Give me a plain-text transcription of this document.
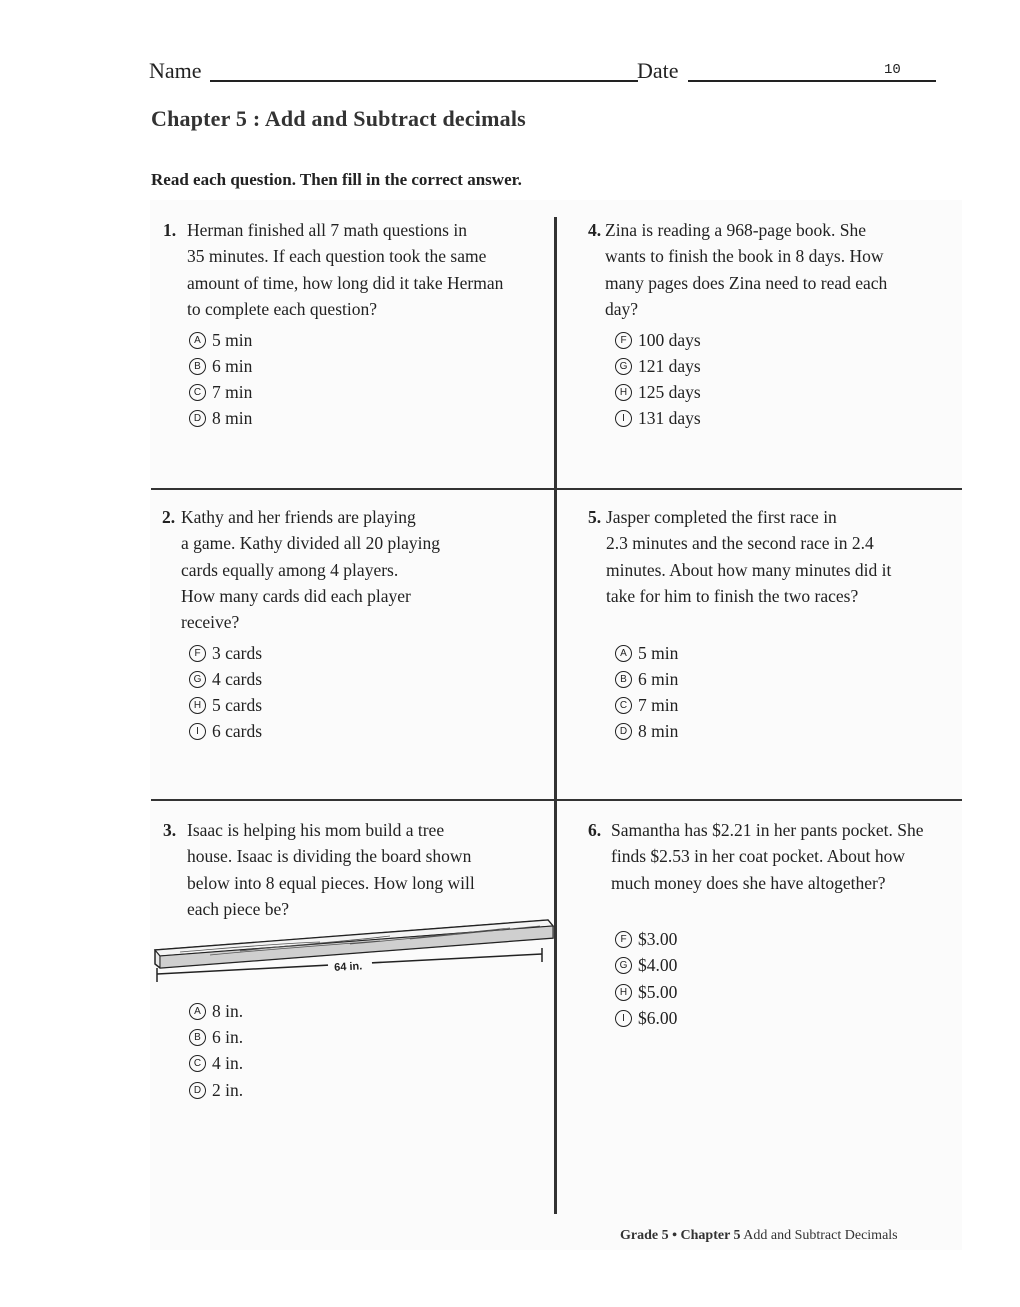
Name	Date	10
Chapter 5 : Add and Subtract decimals
Read each question. Then fill in the correct answer.
1. Herman finished all 7 math questions in
35 minutes. If each question took the same
amount of time, how long did it take Herman
to complete each question?
A 5 min
B 6 min
C 7 min
D 8 min
2. Kathy and her friends are playing
a game. Kathy divided all 20 playing
cards equally among 4 players.
How many cards did each player
receive?
F 3 cards
G 4 cards
H 5 cards
I 6 cards
3. Isaac is helping his mom build a tree
house. Isaac is dividing the board shown
below into 8 equal pieces. How long will
each piece be?
64 in.
A 8 in.
B 6 in.
C 4 in.
D 2 in.
4. Zina is reading a 968-page book. She
wants to finish the book in 8 days. How
many pages does Zina need to read each
day?
F 100 days
G 121 days
H 125 days
I 131 days
5. Jasper completed the first race in
2.3 minutes and the second race in 2.4
minutes. About how many minutes did it
take for him to finish the two races?
A 5 min
B 6 min
C 7 min
D 8 min
6. Samantha has $2.21 in her pants pocket. She
finds $2.53 in her coat pocket. About how
much money does she have altogether?
F $3.00
G $4.00
H $5.00
I $6.00
Grade 5 • Chapter 5 Add and Subtract Decimals
